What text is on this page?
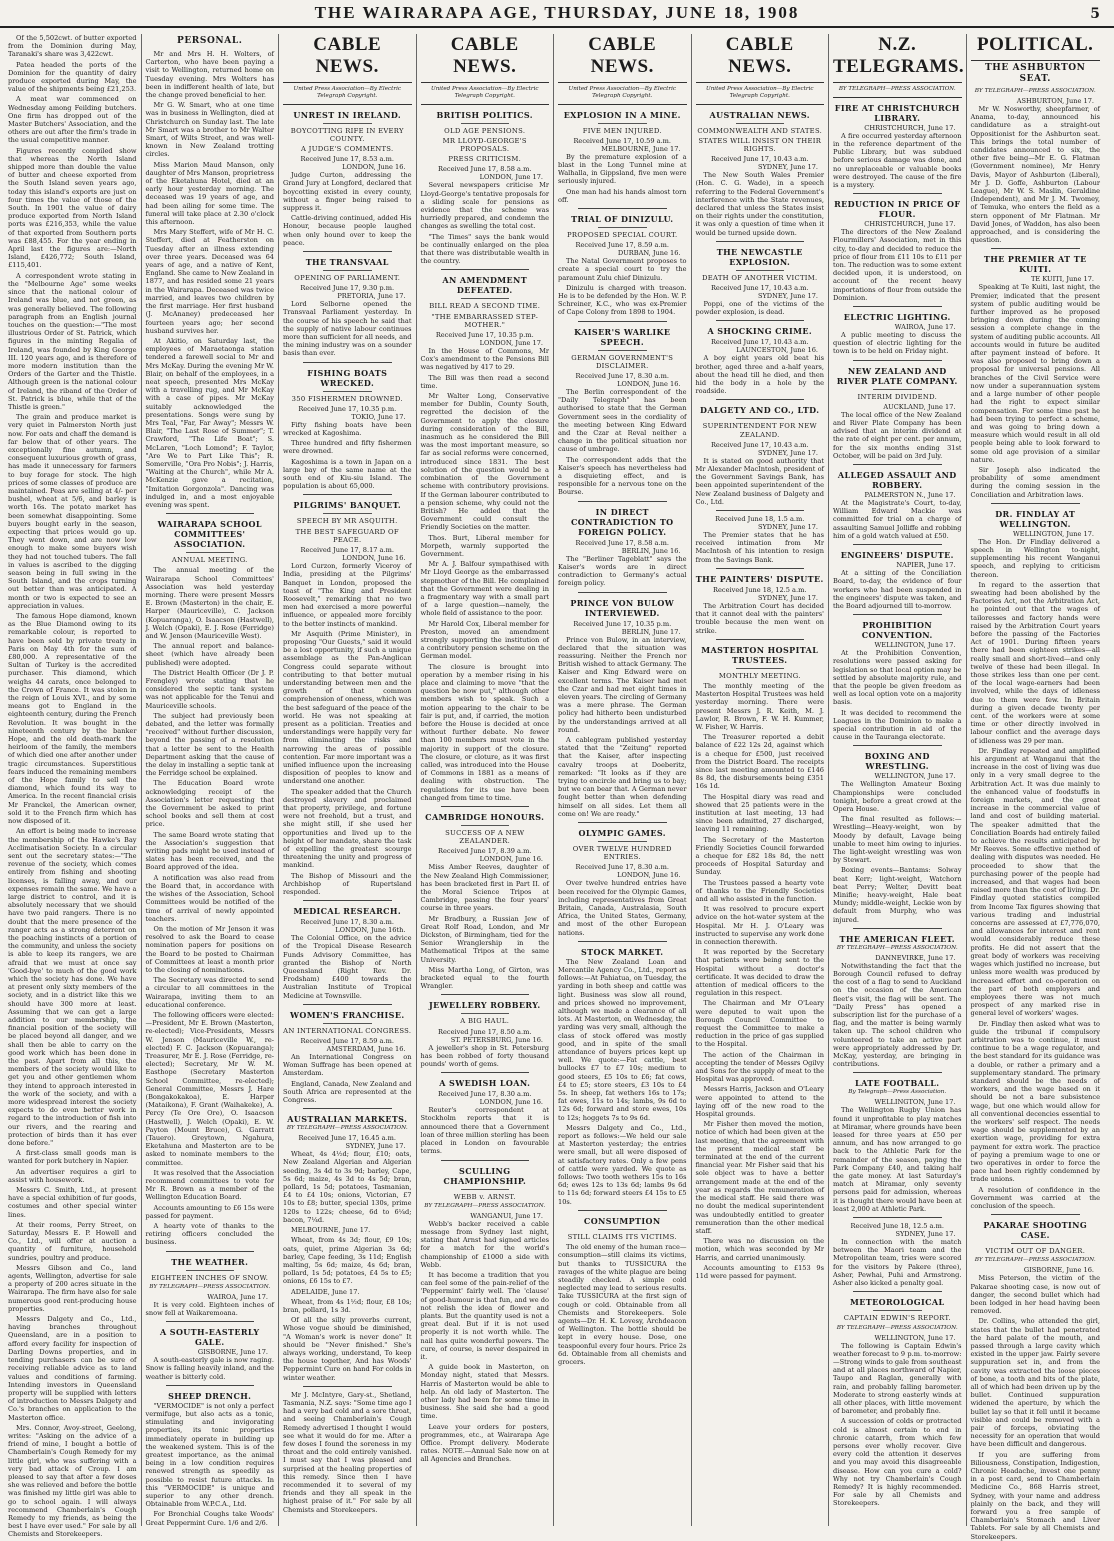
THE WAIRARAPA AGE, THURSDAY, JUNE 18, 1908	5

Of the 5,502cwt. of butter exported from the Dominion during May, Taranaki's share was 3,422cwt.

Patea headed the ports of the Dominion for the quantity of dairy produce exported during May, the value of the shipments being £21,253.

A meat war commenced on Wednesday among Feilding butchers. One firm has dropped out of the Master Butchers' Association, and the others are out after the firm's trade in the usual competitive manner.

Figures recently compiled show that whereas the North Island shipped more than double the value of butter and cheese exported from the South Island seven years ago, today this island's exports are just on four times the value of those of the South. In 1901 the value of dairy produce exported from North Island ports was £216,353, while the value of that exported from Southern ports was £88,455. For the year ending in April last the figures are:—North Island, £426,772; South Island, £115,401.

A correspondent wrote stating in the "Melbourne Age" some weeks since that the national colour of Ireland was blue, and not green, as was generally believed. The following paragraph from an English journal touches on the question:—"The most illustrious Order of St. Patrick, which figures in the minting Regalia of Ireland, was founded by King George III. 120 years ago, and is therefore of more modern institution than the Orders of the Garter and the Thistle. Although green is the national colour of Ireland, the riband of the Order of St. Patrick is blue, while that of the Thistle is green."

The grain and produce market is very quiet in Palmerston North just now. For oats and chaff the demand is far below that of other years. The exceptionally fine autumn, and consequent luxurious growth of grass, has made it unnecessary for farmers to buy forage for stock. The high prices of some classes of produce are maintained. Peas are selling at 4/- per bushel, wheat at 5/6, and barley is worth 16s. The potato market has been somewhat disappointing. Some buyers bought early in the season, expecting that prices would go up. They went down, and are now low enough to make some buyers wish they had not touched tubers. The fall in values is ascribed to the digging season being in full swing in the South Island, and the crops turning out better than was anticipated. A month or two is expected to see an appreciation in values.

The famous Hope diamond, known as the Blue Diamond owing to its remarkable colour, is reported to have been sold by private treaty in Paris on May 4th for the sum of £80,000. A representative of the Sultan of Turkey is the accredited purchaser. This diamond, which weighs 44 carats, once belonged to the Crown of France. It was stolen in the reign of Louis XVI., and by some means got to England in the eighteenth century, during the French Revolution. It was bought in the nineteenth century by the banker Hope, and the old death-mark the heirloom of the family, the members of which died one after another under tragic circumstances. Superstitious fears induced the remaining members of the Hope family to sell the diamond, which found its way to America. In the recent financial crisis Mr Franckel, the American owner, sold it to the French firm which has now disposed of it.

An effort is being made to increase the membership of the Hawke's Bay Acclimatisation Society. In a circular sent out the secretary states:—"The revenue of the society, which comes entirely from fishing and shooting licenses, is falling away, and our expenses remain the same. We have a large district to control, and it is absolutely necessary that we should have two paid rangers. There is no doubt that the mere presence of the ranger acts as a strong deterrent on the poaching instincts of a portion of the community, and unless the society is able to keep its rangers, we are afraid that we must at once say 'Good-bye' to much of the good work which the society has done. We have at present only sixty members of the society, and in a district like this we should have 300 more at least. Assuming that we can get a large addition to our membership, the financial position of the society will be placed beyond all danger, and we shall then be able to carry on the good work which has been done in the past. Apart from all this, the members of the society would like to get you and other gentlemen whom they intend to approach interested in the work of the society, and with a more widespread interest the society expects to do even better work in regard to the introduction of fish into our rivers, and the rearing and protection of birds than it has ever done before."

A first-class small goods man is wanted for pork butchery in Napier.

An advertiser requires a girl to assist with housework.

Messrs C. Smith, Ltd., at present have a special exhibition of fur goods, costumes and other special winter lines.

At their rooms, Perry Street, on Saturday, Messrs E. P. Howell and Co., Ltd., will offer at auction a quantity of furniture, household sundries, poultry and produce.

Messrs Gibson and Co., land agents, Wellington, advertise for sale a property of 200 acres situate in the Wairarapa. The firm have also for sale numerous good rent-producing house properties.

Messrs Dalgety and Co., Ltd., having branches throughout Queensland, are in a position to afford every facility for inspection of Darling Downs properties, and in tending purchasers can be sure of receiving reliable advice as to land values and conditions of farming. Intending investors in Queensland property will be supplied with letters of introduction to Messrs Dalgety and Co.'s branches on application to the Masterton office.

Mrs. Connor, Avoy-street, Geelong, writes: "Asking on the advice of a friend of mine, I bought a bottle of Chamberlain's Cough Remedy for my little girl, who was suffering with a very bad attack of Croup. I am pleased to say that after a few doses she was relieved and before the bottle was finished my little girl was able to go to school again. I will always recommend Chamberlain's Cough Remedy to my friends, as being the best I have ever used." For sale by all Chemists and Storekeepers.

PERSONAL.

Mr and Mrs H. H. Wolters, of Carterton, who have been paying a visit to Wellington, returned home on Tuesday evening. Mrs Wolters has been in indifferent health of late, but the change proved beneficial to her.

Mr G. W. Smart, who at one time was in business in Wellington, died at Christchurch on Sunday last. The late Mr Smart was a brother to Mr Walter Smart, of Wilts Street, and was well-known in New Zealand trotting circles.

Miss Marion Maud Manson, only daughter of Mrs Manson, proprietress of the Eketahuna Hotel, died at an early hour yesterday morning. The deceased was 19 years of age, and had been ailing for some time. The funeral will take place at 2.30 o'clock this afternoon.

Mrs Mary Steffert, wife of Mr H. C. Steffert, died at Featherston on Tuesday after an illness extending over three years. Deceased was 64 years of age, and a native of Kent, England. She came to New Zealand in 1877, and has resided some 21 years in the Wairarapa. Deceased was twice married, and leaves two children by the first marriage. Her first husband (J. McAnaney) predeceased her fourteen years ago; her second husband survives her.

At Akitio, on Saturday last, the employees of Maraetaonga station tendered a farewell social to Mr and Mrs McKay. During the evening Mr W. Blair, on behalf of the employees, in a neat speech, presented Mrs McKay with a travelling rug, and Mr McKay with a case of pipes. Mr McKay suitably acknowledged the presentations. Songs were sung by Mrs Teal, "Far, Far Away"; Messrs W. Blair, "The Last Rose of Summer"; T. Crawford, "The Life Boat"; S. McLaren, "Loch Lomond"; F. Taylor, "Are We to Part Like This"; R. Somerville, "Ora Pro Nobis"; J. Harris, "Waiting at the Church", while Mr A. McKenzie gave a recitation, "Imitation Gorgonzola". Dancing was indulged in, and a most enjoyable evening was spent.

WAIRARAPA SCHOOL COMMITTEES' ASSOCIATION.
ANNUAL MEETING.

The annual meeting of the Wairarapa School Committees' Association was held yesterday morning. There were present Messrs E. Brown (Masterton) in the chair, E. Harper (Mauriceville), C. Jackson (Kopuaranga), O. Isaacson (Hastwell), J. Welch (Opaki), E. J. Rose (Ferridge) and W. Jenson (Mauriceville West).

The annual report and balance-sheet (which have already been published) were adopted.

The District Health Officer (Dr J. P. Frengley) wrote stating that he considered the septic tank system was not applicable for the Tenui and Mauriceville schools.

The subject had previously been debated, and the letter was formally "received" without further discussion, beyond the passing of a resolution that a letter be sent to the Health Department asking that the cause of the delay in installing a septic tank at the Ferridge school be explained.

The Education Board wrote acknowledging receipt of the Association's letter requesting that the Government be asked to print school books and sell them at cost price.

The same Board wrote stating that the Association's suggestion that writing pads might be used instead of slates has been received, and the Board approved of the idea.

A notification was also read from the Board that, in accordance with the wishes of the Association, School Committees would be notified of the time of arrival of newly appointed teachers.

On the motion of Mr Jenson it was resolved to ask the Board to cease nomination papers for positions on the Board to be posted to Chairman of Committees at least a month prior to the closing of nominations.

The Secretary was directed to send a circular to all committees in the Wairarapa, inviting them to an educational conference.

The following officers were elected:—President, Mr E. Brown (Masterton, re-elected); Vice-Presidents, Messrs W. Jenson (Mauriceville W., re-elected) F. C. Jackson (Kopuaranga); Treasurer, Mr E. J. Rose (Ferridge, re-elected); Secretary, Mr W. M. Easthope (Secretary Masterton School Committee, re-elected); General Committee, Messrs J. Hare (Bongakokakoa), E. Harper (Mataikona), F. Grant (Waihakeke), A. Percy (Te Ore Ore), O. Isaacson (Hastwell), J. Welch (Opaki), E. W. Payton (Mount Bruce), G. Garratt (Tauero). Greytown, Ngahura, Eketahuna and Masterton are to be asked to nominate members to the committee.

It was resolved that the Association recommend committees to vote for Mr R. Brown as a member of the Wellington Education Board.

Accounts amounting to £6 15s were passed for payment.

A hearty vote of thanks to the retiring officers concluded the business.

THE WEATHER.
EIGHTEEN INCHES OF SNOW.
BY TELEGRAPH—PRESS ASSOCIATION.
WAIROA, June 17.

It is very cold. Eighteen inches of snow fell at Waikaremoana.

A SOUTH-EASTERLY GALE.
GISBORNE, June 17.

A south-easterly gale is now raging. Snow is falling heavily inland, and the weather is bitterly cold.

SHEEP DRENCH.

"VERMOCIDE" is not only a perfect vermifuge, but also acts as a tonic, stimulating and invigorating properties, its tonic properties immediately operate in building up the weakened system. This is of the greatest importance, as the animal being in a low condition requires renewed strength as speedily as possible to resist future attacks. In this "VERMOCIDE" is unique and superior to any other drench. Obtainable from W.P.C.A., Ltd.

For Bronchial Coughs take Woods' Great Peppermint Cure. 1/6 and 2/6.

CABLE NEWS.
United Press Association—By Electric Telegraph Copyright.
UNREST IN IRELAND.
BOYCOTTING RIFE IN EVERY COUNTY.
A JUDGE'S COMMENTS.
Received June 17, 8.53 a.m.
LONDON, June 16.

Judge Curton, addressing the Grand Jury at Longford, declared that boycotting existed in every county, without a finger being raised to suppress it.

Cattle-driving continued, added His Honour, because people laughed when only hound over to keep the peace.

THE TRANSVAAL
OPENING OF PARLIAMENT.
Received June 17, 9.30 p.m.
PRETORIA, June 17.

Lord Selborne opened the Transvaal Parliament yesterday. In the course of his speech he said that the supply of native labour continues more than sufficient for all needs, and the mining industry was on a sounder basis than ever.

FISHING BOATS WRECKED.
350 FISHERMEN DROWNED.
Received June 17, 10.35 p.m.
TOKIO, June 17.

Fifty fishing boats have been wrecked at Kagoshima.

Three hundred and fifty fishermen were drowned.

Kagoshima is a town in Japan on a large bay of the same name at the south end of Kiu-siu Island. The population is about 65,000.

PILGRIMS' BANQUET.
SPEECH BY MR ASQUITH.
THE BEST SAFEGUARD OF PEACE.
Received June 17, 8.17 a.m.
LONDON, June 16.

Lord Curzon, formerly Viceroy of India, presiding at the Pilgrims' Banquet in London, proposed the toast of "The King and President Roosevelt," remarking that no two men had exercised a more powerful influence, or appealed more forcibly to the better instincts of mankind.

Mr Asquith (Prime Minister), in proposing "Our Guests," said it would be a lost opportunity, if such a unique assemblage as the Pan-Anglican Congress could separate without contributing to that better mutual understanding between men and the growth of that common comprehension of oneness, which was the best safeguard of the peace of the world. He was not speaking at present as a politician. Treaties and understandings were happily very far from eliminating the risks and narrowing the areas of possible contention. Far more important was a unified influence upon the increasing disposition of peoples to know and understand one another.

The speaker added that the Church destroyed slavery and proclaimed that property, privilege, and fortune were not freehold, but a trust, and she might still, if she used her opportunities and lived up to the height of her mandate, share the task of expelling the greatest scourge threatening the unity and progress of mankind.

The Bishop of Missouri and the Archbishop of Rupertsland responded.

MEDICAL RESEARCH.
Received June 17, 8.30 a.m.
LONDON, June 16th.

The Colonial Office, on the advice of the Tropical Disease Research Funds Advisory Committee, has granted the Bishop of North Queensland (Right Rev. Dr. Frodsham) £400 towards the Australian Institute of Tropical Medicine at Townsville.

WOMEN'S FRANCHISE.
AN INTERNATIONAL CONGRESS.
Received June 17, 8.59 a.m.
AMSTERDAM, June 16.

An International Congress on Woman Suffrage has been opened at Amsterdam.

England, Canada, New Zealand and South Africa are represented at the Congress.

AUSTRALIAN MARKETS.
BY TELEGRAPH—PRESS ASSOCIATION.
Received June 17, 16.45 a.m.
SYDNEY, June 17.

Wheat, 4s 4½d; flour, £10; oats, New Zealand Algerian and Algerian seeding, 3s 4d to 3s 9d; barley, Cape, 5s 6d; maize, 4s 3d to 4s 5d; bran, pollard, 1s 5d; potatoes, Tasmanian, £4 to £4 10s; onions, Victorian, £7 10s to £8; butter, special 130s, prime 120s to 122s; cheese, 6d to 6¼d; bacon, 7¼d.

MELBOURNE, June 17.

Wheat, from 4s 3d; flour, £9 10s; oats, quiet, prime Algerian 3s 6d; barley, Cape feeding, 3s 11d; English malting, 5s 6d; maize, 4s 6d; bran, pollard, 1s 5d; potatoes, £4 5s to £5; onions, £6 15s to £7.

ADELAIDE, June 17.

Wheat, from 4s 1½d; flour, £8 10s; bran, pollard, 1s 3d.

Of all the silly proverbs current, Whose vogue should be diminished, "A Woman's work is never done" It should be "Never finished." She's always working, understand, To keep the house together, And has Woods' Peppermint Cure on hand For colds in winter weather.

Mr J. McIntyre, Gary-st., Shetland, Tasmania, N.Z. says: "Some time ago I had a very bad cold and a sore throat, and seeing Chamberlain's Cough Remedy advertised I thought I would see what it would do for me. After a few doses I found the soreness in my throat and the cold entirely vanished. I must say that I was pleased and surprised at the healing properties of this remedy. Since then I have recommended it to several of my friends and they all speak in the highest praise of it." For sale by all Chemists and Storekeepers.

CABLE NEWS.
United Press Association—By Electric Telegraph Copyright.
BRITISH POLITICS.
OLD AGE PENSIONS.
MR LLOYD-GEORGE'S PROPOSALS.
PRESS CRITICISM.
Received June 17, 8.58 a.m.
LONDON, June 17.

Several newspapers criticise Mr Lloyd-George's tentative proposals for a sliding scale for pensions as evidence that the scheme was hurriedly prepared, and condemn the changes as swelling the total cost.

"The Times" says the bank would be continually enlarged on the plea that there was distributable wealth in the country.

AN AMENDMENT DEFEATED.
BILL READ A SECOND TIME.
"THE EMBARRASSED STEP-MOTHER."
Received June 17, 10.35 p.m.
LONDON, June 17.

In the House of Commons, Mr Cox's amendment to the Pensions Bill was negatived by 417 to 29.

The Bill was then read a second time.

Mr Walter Long, Conservative member for Dublin, County South, regretted the decision of the Government to apply the closure during consideration of the Bill, inasmuch as he considered the Bill was the most important measure, so far as social reforms were concerned, introduced since 1831. The best solution of the question would be a combination of the Government scheme with contributory provisions. If the German labourer contributed to a pension scheme, why could not the British? He added that the Government could consult the Friendly Societies on the matter.

Thos. Burt, Liberal member for Morpeth, warmly supported the Government.

Mr A. J. Balfour sympathised with Mr Lloyd George as the embarrassed stepmother of the Bill. He complained that the Government were dealing in a fragmentary way with a small part of a large question—namely, the whole field of assistance to the poor.

Mr Harold Cox, Liberal member for Preston, moved an amendment strongly supporting the institution of a contributory pension scheme on the German model.

The closure is brought into operation by a member rising in his place and claiming to move "that the question be now put," although other members wish to speak. Such a motion appearing to the chair to be fair is put, and, if carried, the motion before the House is decided at once without further debate. No fewer than 100 members must vote in the majority in support of the closure. The closure, or cloture, as it was first called, was introduced into the House of Commons in 1881 as a means of dealing with obstruction. The regulations for its use have been changed from time to time.

CAMBRIDGE HONOURS.
SUCCESS OF A NEW ZEALANDER.
Received June 17, 8.39 a.m.
LONDON, June 16.

Miss Amber Reeves, daughter of the New Zealand High Commissioner, has been bracketed first in Part II. of the Moral Science Tripos at Cambridge, passing the four years' course in three years.

Mr Bradbury, a Russian Jew of Great Rolf Road, London, and Mr Dickston, of Birmingham, tied for the Senior Wranglership in the Mathematical Tripos at the same University.

Miss Martha Long, of Girton, was bracketed equal to the fourth Wrangler.

JEWELLERY ROBBERY.
A BIG HAUL.
Received June 17, 8.50 a.m.
ST. PETERSBURG, June 16.

A jeweller's shop in St. Petersburg has been robbed of forty thousand pounds' worth of gems.

A SWEDISH LOAN.
Received June 17, 8.30 a.m.
LONDON, June 16.

Reuter's correspondent at Stockholm reports that it is announced there that a Government loan of three million sterling has been placed in London on favourable terms.

SCULLING CHAMPIONSHIP.
WEBB v. ARNST.
BY TELEGRAPH—PRESS ASSOCIATION.
WANGANUI, June 17.

Webb's backer received a cable message from Sydney last night, stating that Arnst had signed articles for a match for the world's championship of £1000 a side with Webb.

It has become a tradition that you can feel some of the pain-relief of the 'Peppermint' fairly well. The 'clause' of good-humour is that fun, and we do not relish the idea of flower and plants. But the quantity used is not a great deal. But if it is not used properly it is not worth while. The nail has quite wonderful powers. The cure, of course, is never despaired in it.

A guide book in Masterton, on Monday night, stated that Messrs. Harris of Masterton would be able to help. An old lady of Masterton. The other lady had been for some time in business. She said she had a good time.

Leave your orders for posters, programmes, etc., at Wairarapa Age Office. Prompt delivery. Moderate rates. NOTE.—Annual Sale now on at all Agencies and Branches.

CABLE NEWS.
United Press Association—By Electric Telegraph Copyright.
EXPLOSION IN A MINE.
FIVE MEN INJURED.
Received June 17, 10.59 a.m.
MELBOURNE, June 17.

By the premature explosion of a blast in the Long Tunnel mine at Walhalla, in Gippsland, five men were seriously injured.

One man had his hands almost torn off.

TRIAL OF DINIZULU.
PROPOSED SPECIAL COURT.
Received June 17, 8.59 a.m.
DURBAN, June 16.

The Natal Government proposes to create a special court to try the paramount Zulu chief Dinizulu.

Dinizulu is charged with treason. He is to be defended by the Hon. W. P. Schreiner, K.C., who was ex-Premier of Cape Colony from 1898 to 1904.

KAISER'S WARLIKE SPEECH.
GERMAN GOVERNMENT'S DISCLAIMER.
Received June 17, 8.30 a.m.
LONDON, June 16.

The Berlin correspondent of the "Daily Telegraph" has been authorised to state that the German Government sees in the cordiality of the meeting between King Edward and the Czar at Reval neither a change in the political situation nor cause of umbrage.

The correspondent adds that the Kaiser's speech has nevertheless had a disquieting effect, and is responsible for a nervous tone on the Bourse.

IN DIRECT CONTRADICTION TO FOREIGN POLICY.
Received June 17, 8.58 a.m.
BERLIN, June 16.

The "Berliner Tageblatt" says the Kaiser's words are in direct contradiction to Germany's actual foreign policy.

PRINCE VON BULOW INTERVIEWED.
Received June 17, 10.35 p.m.
BERLIN, June 17.

Prince von Bulow, in an interview, declared that the situation was reassuring. Neither the French nor British wished to attack Germany. The Kaiser and King Edward were on excellent terms. The Kaiser had met the Czar and had met eight times in eleven years. The circling of Germany was a mere phrase. The German policy had hitherto been undisturbed by the understandings arrived at all round.

A cablegram published yesterday stated that the "Zeitung" reported that the Kaiser, after inspecting cavalry troops at Doeberitz, remarked: "It looks as if they are trying to encircle and bring us to bay; but we can bear that. A German never fought better than when defending himself on all sides. Let them all come on! We are ready."

OLYMPIC GAMES.
OVER TWELVE HUNDRED ENTRIES.
Received June 17, 8.30 a.m.
LONDON, June 16.

Over twelve hundred entries have been received for the Olympic Games, including representatives from Great Britain, Canada, Australasia, South Africa, the United States, Germany, and most of the other European nations.

STOCK MARKET.

The New Zealand Loan and Mercantile Agency Co., Ltd., report as follows:—At Pahiatua, on Tuesday, the yarding in both sheep and cattle was light. Business was slow all round, and prices showed no improvement, although we made a clearance of all lots. At Masterton, on Wednesday, the yarding was very small, although the class of stock offered was mostly good, and in spite of the small attendance of buyers prices kept up well. We quote:—Fat cattle, best bullocks £7 to £7 10s; medium to good steers, £5 10s to £6; fat cows, £4 to £5; store steers, £3 10s to £4 5s. In sheep, fat wethers 16s to 17s; fat ewes, 11s to 14s; lambs, 9s 6d to 12s 6d; forward and store ewes, 10s to 12s; hoggets 7s to 9s 6d.

Messrs Dalgety and Co., Ltd., report as follows:—We held our sale at Masterton yesterday; the entries were small, but all were disposed of at satisfactory rates. Only a few pens of cattle were yarded. We quote as follows: Two tooth wethers 15s to 16s 6d; ewes 12s to 13s 6d; lambs 9s 6d to 11s 6d; forward steers £4 15s to £5 10s.

CONSUMPTION
STILL CLAIMS ITS VICTIMS.

The old enemy of the human race—consumption—still claims its victims, but thanks to TUSSICURA the ravages of the white plague are being steadily checked. A simple cold neglected may lead to serious results. Take TUSSICURA at the first sign of cough or cold. Obtainable from all Chemists and Storekeepers. Sole agents—Dr. H. K. Lovesy, Archdeacon of Wellington. The bottle should be kept in every house. Dose, one teaspoonful every four hours. Price 2s 6d. Obtainable from all chemists and grocers.

CABLE NEWS.
United Press Association—By Electric Telegraph Copyright.
AUSTRALIAN NEWS.
COMMONWEALTH AND STATES.
STATES WILL INSIST ON THEIR RIGHTS.
Received June 17, 10.43 a.m.
SYDNEY, June 17.

The New South Wales Premier (Hon. C. G. Wade), in a speech referring to the Federal Government's interference with the State revenues, declared that unless the States insist on their rights under the constitution, it was only a question of time when it would be turned upside down.

THE NEWCASTLE EXPLOSION.
DEATH OF ANOTHER VICTIM.
Received June 17, 10.43 a.m.
SYDNEY, June 17.

Poppi, one of the victims of the powder explosion, is dead.

A SHOCKING CRIME.
Received June 17, 10.43 a.m.
LAUNCESTON, June 16.

A boy eight years old beat his brother, aged three and a-half years, about the head till he died, and then hid the body in a hole by the roadside.

DALGETY AND CO., LTD.
SUPERINTENDENT FOR NEW ZEALAND.
Received June 17, 10.43 a.m.
SYDNEY, June 17.

It is stated on good authority that Mr Alexander MacIntosh, president of the Government Savings Bank, has been appointed superintendent of the New Zealand business of Dalgety and Co., Ltd.

Received June 18, 1.5 a.m.
SYDNEY, June 17.

The Premier states that he has received intimation from Mr MacIntosh of his intention to resign from the Savings Bank.

THE PAINTERS' DISPUTE.
Received June 18, 12.5 a.m.
SYDNEY, June 17.

The Arbitration Court has decided that it cannot deal with the painters' trouble because the men went on strike.

MASTERTON HOSPITAL TRUSTEES.
MONTHLY MEETING.

The monthly meeting of the Masterton Hospital Trustees was held yesterday morning. There were present Messrs J. R. Keith, M. J. Lawlor, R. Brown, F. W. H. Kummer, W. Fisher, W. Harris.

The Treasurer reported a debit balance of £22 12s 2d, against which is a cheque for £500, just received from the District Board. The receipts since last meeting amounted to £146 8s 8d, the disbursements being £351 16s 1d.

The Hospital diary was read and showed that 25 patients were in the institution at last meeting, 13 had since been admitted, 27 discharged, leaving 11 remaining.

The Secretary of the Masterton Friendly Societies Council forwarded a cheque for £82 18s 8d, the nett proceeds of Hospital Saturday and Sunday.

The Trustees passed a hearty vote of thanks to the Friendly Societies and all who assisted in the function.

It was resolved to procure expert advice on the hot-water system at the Hospital. Mr H. J. O'Leary was instructed to supervise any work done in connection therewith.

It was reported by the Secretary that patients were being sent to the Hospital without a doctor's certificate. It was decided to draw the attention of medical officers to the regulation in this respect.

The Chairman and Mr O'Leary were deputed to wait upon the Borough Council Committee to request the Committee to make a reduction in the price of gas supplied to the Hospital.

The action of the Chairman in accepting the tender of Messrs Ogilvy and Sons for the supply of meat to the Hospital was approved.

Messrs Harris, Jackson and O'Leary were appointed to attend to the laying off of the new road to the Hospital grounds.

Mr Fisher then moved the motion, notice of which had been given at the last meeting, that the agreement with the present medical staff be terminated at the end of the current financial year. Mr Fisher said that his sole object was to have a better arrangement made at the end of the year as regards the remuneration of the medical staff. He said there was no doubt the medical superintendent was undoubtedly entitled to greater remuneration than the other medical staff.

There was no discussion on the motion, which was seconded by Mr Harris, and carried unanimously.

Accounts amounting to £153 9s 11d were passed for payment.

N.Z. TELEGRAMS.
BY TELEGRAPH—PRESS ASSOCIATION.
FIRE AT CHRISTCHURCH LIBRARY.
CHRISTCHURCH, June 17.

A fire occurred yesterday afternoon in the reference department of the Public Library, but was subdued before serious damage was done, and no unreplaceable or valuable books were destroyed. The cause of the fire is a mystery.

REDUCTION IN PRICE OF FLOUR.
CHRISTCHURCH, June 17.

The directors of the New Zealand Flourmillers' Association, met in this city, to-day and decided to reduce the price of flour from £11 10s to £11 per ton. The reduction was to some extent decided upon, it is understood, on account of the recent heavy importations of flour from outside the Dominion.

ELECTRIC LIGHTING.
WAIROA, June 17.

A public meeting to discuss the question of electric lighting for the town is to be held on Friday night.

NEW ZEALAND AND RIVER PLATE COMPANY.
INTERIM DIVIDEND.
AUCKLAND, June 17.

The local office of the New Zealand and River Plate Company has been advised that an interim dividend at the rate of eight per cent. per annum, for the six months ending 31st October, will be paid on 3rd July.

ALLEGED ASSAULT AND ROBBERY.
PALMERSTON N., June 17.

At the Magistrate's Court, to-day, William Edward Mackie was committed for trial on a charge of assaulting Samuel Jolliffe and robbing him of a gold watch valued at £50.

ENGINEERS' DISPUTE.
NAPIER, June 17.

At a sitting of the Conciliation Board, to-day, the evidence of four workers who had been suspended in the engineers' dispute was taken, and the Board adjourned till to-morrow.

PROHIBITION CONVENTION.
WELLINGTON, June 17.

At the Prohibition Convention, resolutions were passed asking for legislation so that local option may be settled by absolute majority rule, and that the people be given freedom as well as local option vote on a majority basis.

It was decided to recommend the Leagues in the Dominion to make a special contribution in aid of the cause in the Tauranga electorate.

BOXING AND WRESTLING.
WELLINGTON, June 17.

The Wellington Amateur Boxing Championships were concluded tonight, before a great crowd at the Opera House.

The final resulted as follows:—Wrestling—Heavy-weight, won by Moody by default, Lavage being unable to meet him owing to injuries. The light-weight wrestling was won by Stewart.

Boxing events—Bantams: Solway beat Kerr; light-weight, Watchorn beat Perry; Welter, Devitt beat Minifie; heavy-weight, Hale beat Mundy; middle-weight, Leckie won by default from Murphy, who was injured.

THE AMERICAN FLEET.
BY TELEGRAPH—PRESS ASSOCIATION.
DANNEVIRKE, June 17.

Notwithstanding the fact that the Borough Council refused to defray the cost of a flag to send to Auckland on the occasion of the American fleet's visit, the flag will be sent. The "Daily Press" has opened a subscription list for the purchase of a flag, and the matter is being warmly taken up. The school children who volunteered to take an active part were appropriately addressed by Dr. McKay, yesterday, are bringing in contributions.

LATE FOOTBALL.
By Telegraph—Press Association.
WELLINGTON, June 17.

The Wellington Rugby Union has found it unprofitable to play matches at Miramar, where grounds have been leased for three years at £50 per annum, and has now arranged to go back to the Athletic Park for the remainder of the season, paying the Park Company £40, and taking half the gate money. At last Saturday's match at Miramar, only seventy persons paid for admission, whereas it is thought there would have been at least 2,000 at Athletic Park.

Received June 18, 12.5 a.m.
SYDNEY, June 17.

In connection with the match between the Maori team and the Metropolitan team, tries were scored for the visitors by Pakere (three), Asher, Pewhai, Puhi and Armstrong. Asher also kicked a penalty goal.

METEOROLOGICAL
CAPTAIN EDWIN'S REPORT.
BY TELEGRAPH—PRESS ASSOCIATION.
WELLINGTON, June 17.

The following is Captain Edwin's weather forecast to 9 p.m. to-morrow:—Strong winds to gale from southeast and at all places northward of Napier, Taupo and Raglan, generally with rain, and probably falling barometer. Moderate to strong easterly winds at all other places, with little movement of barometer, and probably fine.

A succession of colds or protracted cold is almost certain to end in chronic catarrh, from which few persons ever wholly recover. Give every cold the attention it deserves and you may avoid this disagreeable disease. How can you cure a cold? Why not try Chamberlain's Cough Remedy? It is highly recommended. For sale by all Chemists and Storekeepers.

POLITICAL.
THE ASHBURTON SEAT.
BY TELEGRAPH—PRESS ASSOCIATION.
ASHBURTON, June 17.

Mr W. Nosworthy, sheepfarmer, of Anama, to-day, announced his candidature as a straight-out Oppositionist for the Ashburton seat. This brings the total number of candidates announced to six, the other five being—Mr E. G. Flatman (Government nominee), Mr Henry Davis, Mayor of Ashburton (Liberal), Mr J. D. Goffe, Ashburton (Labour League), Mr W. S. Maslin, Geraldine (Independent), and Mr J. M. Twomey, of Temuka, who enters the field as a stern opponent of Mr Flatman. Mr David Jones, of Waddon, has also been approached, and is considering the question.

THE PREMIER AT TE KUITI.
TE KUITI, June 17.

Speaking at Te Kuiti, last night, the Premier, indicated that the present system of public auditing would be further improved as he proposed bringing down during the coming session a complete change in the system of auditing public accounts. All accounts would in future be audited after payment instead of before. It was also proposed to bring down a proposal for universal pensions. All branches of the Civil Service were now under a superannuation system and a large number of other people had the right to expect similar compensation. For some time past he had been trying to perfect a scheme, and was going to bring down a measure which would result in all old people being able to look forward to some old age provision of a similar nature.

Sir Joseph also indicated the probability of some amendment during the coming session in the Conciliation and Arbitration laws.

DR. FINDLAY AT WELLINGTON.
WELLINGTON, June 17.

The Hon. Dr Findlay delivered a speech in Wellington to-night, supplementing his recent Wanganui speech, and replying to criticism thereon.

In regard to the assertion that sweating had been abolished by the Factories Act, not the Arbitration Act, he pointed out that the wages of tailoresses and factory hands were raised by the Arbitration Court years before the passing of the Factories Act of 1901. During fifteen years there had been eighteen strikes—all really small and short-lived—and only twelve of these had been illegal. In those strikes less than one per cent. of the local wage-earners had been involved, while the days of idleness due to them were few. In Britain during a given decade twenty per cent. of the workers were at some time or other directly involved in labour conflict and the average days of idleness was 29 per man.

Dr. Findlay repeated and amplified his argument at Wanganui that the increase in the cost of living was due only in a very small degree to the Arbitration Act. It was due mainly to the enhanced value of foodstuffs in foreign markets, and the great increase in the commercial value of land and cost of building material. The speaker admitted that the Conciliation Boards had entirely failed to achieve the results anticipated by Mr Reeves. Some effective method of dealing with disputes was needed. He proceeded to show that the purchasing power of the people had increased, and that wages had been raised more than the cost of living. Dr. Findlay quoted statistics compiled from Income Tax figures showing that various trading and industrial concerns are assessed at £7,776,070, and allowances for interest and rent would considerably reduce these profits. He did not assert that the great body of workers was receiving wages which justified no increase, but unless more wealth was produced by increased effort and co-operation on the part of both employers and employees there was not much prospect of any marked rise in general level of workers' wages.

Dr. Findlay then asked what was to guide the tribunal if compulsory arbitration was to continue, it must continue to be a wage regulator, and the best standard for its guidance was a double, or rather a primary and a supplementary standard. The primary standard should be the needs of workers, and the wage based on it should be not a bare subsistence wage, but one which would allow for all conventional decencies essential to the workers' self respect. The needs wage should be supplemented by an exertion wage, providing for extra payment for extra work. The practice of paying a premium wage to one or two operatives in order to force the pace had been rightly condemned by trade unions.

A resolution of confidence in the Government was carried at the conclusion of the speech.

PAKARAE SHOOTING CASE.
VICTIM OUT OF DANGER.
BY TELEGRAPH—PRESS ASSOCIATION.
GISBORNE, June 16.

Miss Peterson, the victim of the Pakarae shooting case, is now out of danger, the second bullet which had been lodged in her head having been removed.

Dr. Collins, who attended the girl, states that the bullet had penetrated the hard palate of the mouth, and passed through a large cavity which existed in the upper jaw. Fairly severe suppuration set in, and from the cavity was extracted the loose pieces of bone, a tooth and bits of the plate, all of which had been driven up by the bullet. Continued suppuration widened the aperture, by which the bullet lay so that it fell until it became visible and could be removed with a pair of forceps, obviating the necessity for an operation that would have been difficult and dangerous.

If you are suffering from Biliousness, Constipation, Indigestion, Chronic Headache, invest one penny in a post card, send to Chamberlain Medicine Co., 868 Harris street, Sydney, with your name and address plainly on the back, and they will forward you a free sample of Chamberlain's Stomach and Liver Tablets. For sale by all Chemists and Storekeepers.
